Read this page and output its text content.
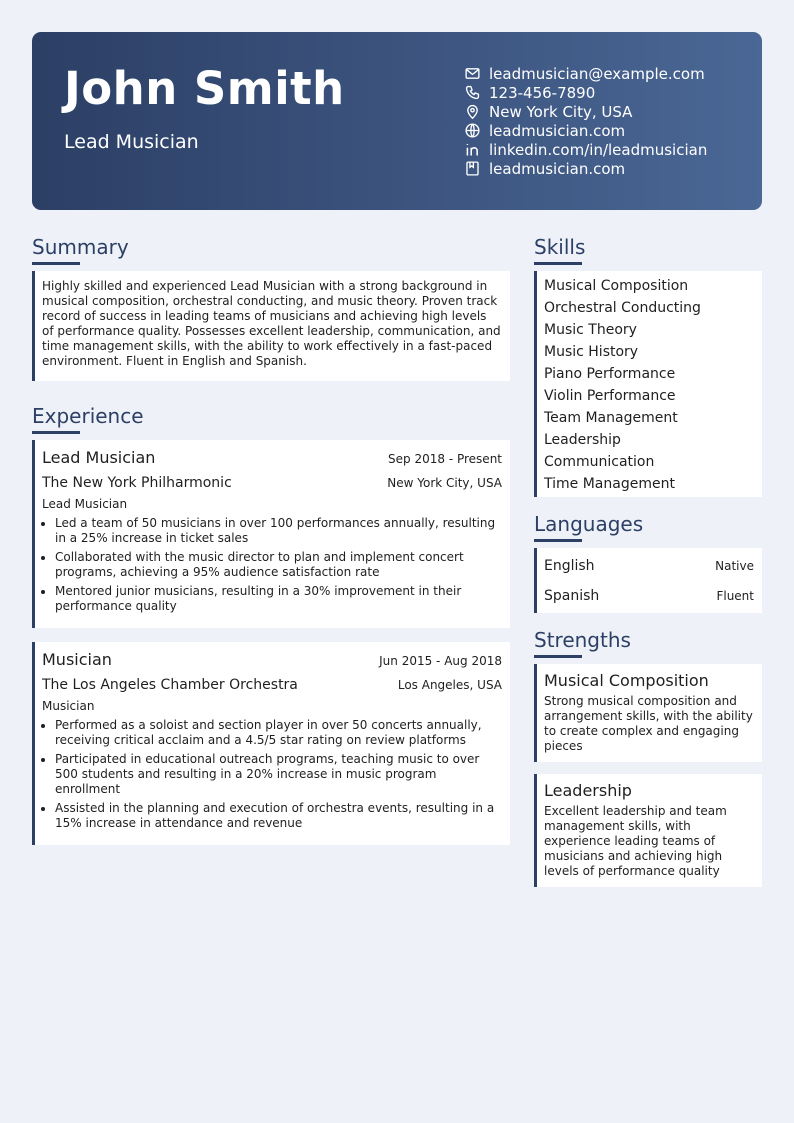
John Smith
Lead Musician
leadmusician@example.com
123-456-7890
New York City, USA
leadmusician.com
linkedin.com/in/leadmusician
leadmusician.com
Summary
Highly skilled and experienced Lead Musician with a strong background in musical composition, orchestral conducting, and music theory. Proven track record of success in leading teams of musicians and achieving high levels of performance quality. Possesses excellent leadership, communication, and time management skills, with the ability to work effectively in a fast-paced environment. Fluent in English and Spanish.
Experience
Lead Musician	Sep 2018 - Present
The New York Philharmonic	New York City, USA
Lead Musician
• Led a team of 50 musicians in over 100 performances annually, resulting in a 25% increase in ticket sales
• Collaborated with the music director to plan and implement concert programs, achieving a 95% audience satisfaction rate
• Mentored junior musicians, resulting in a 30% improvement in their performance quality
Musician	Jun 2015 - Aug 2018
The Los Angeles Chamber Orchestra	Los Angeles, USA
Musician
• Performed as a soloist and section player in over 50 concerts annually, receiving critical acclaim and a 4.5/5 star rating on review platforms
• Participated in educational outreach programs, teaching music to over 500 students and resulting in a 20% increase in music program enrollment
• Assisted in the planning and execution of orchestra events, resulting in a 15% increase in attendance and revenue
Skills
Musical Composition
Orchestral Conducting
Music Theory
Music History
Piano Performance
Violin Performance
Team Management
Leadership
Communication
Time Management
Languages
English	Native
Spanish	Fluent
Strengths
Musical Composition
Strong musical composition and arrangement skills, with the ability to create complex and engaging pieces
Leadership
Excellent leadership and team management skills, with experience leading teams of musicians and achieving high levels of performance quality
